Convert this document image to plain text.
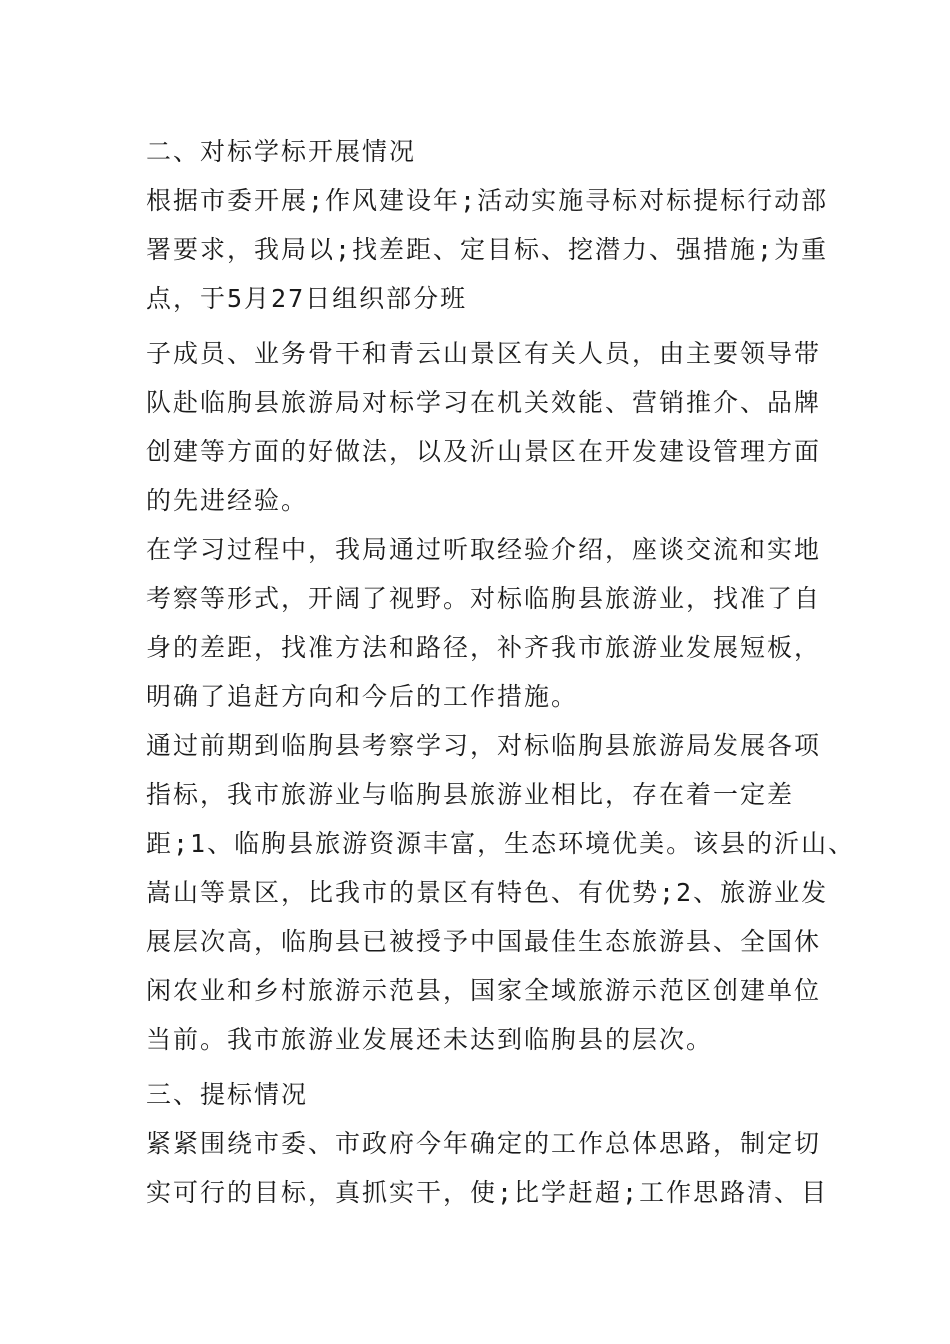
二、对标学标开展情况

根据市委开展;作风建设年;活动实施寻标对标提标行动部

署要求，我局以;找差距、定目标、挖潜力、强措施;为重

点，于5月27日组织部分班

子成员、业务骨干和青云山景区有关人员，由主要领导带

队赴临朐县旅游局对标学习在机关效能、营销推介、品牌

创建等方面的好做法，以及沂山景区在开发建设管理方面

的先进经验。

在学习过程中，我局通过听取经验介绍，座谈交流和实地

考察等形式，开阔了视野。对标临朐县旅游业，找准了自

身的差距，找准方法和路径，补齐我市旅游业发展短板，

明确了追赶方向和今后的工作措施。

通过前期到临朐县考察学习，对标临朐县旅游局发展各项

指标，我市旅游业与临朐县旅游业相比，存在着一定差

距;1、临朐县旅游资源丰富，生态环境优美。该县的沂山、

嵩山等景区，比我市的景区有特色、有优势;2、旅游业发

展层次高，临朐县已被授予中国最佳生态旅游县、全国休

闲农业和乡村旅游示范县，国家全域旅游示范区创建单位

当前。我市旅游业发展还未达到临朐县的层次。

三、提标情况

紧紧围绕市委、市政府今年确定的工作总体思路，制定切

实可行的目标，真抓实干，使;比学赶超;工作思路清、目
